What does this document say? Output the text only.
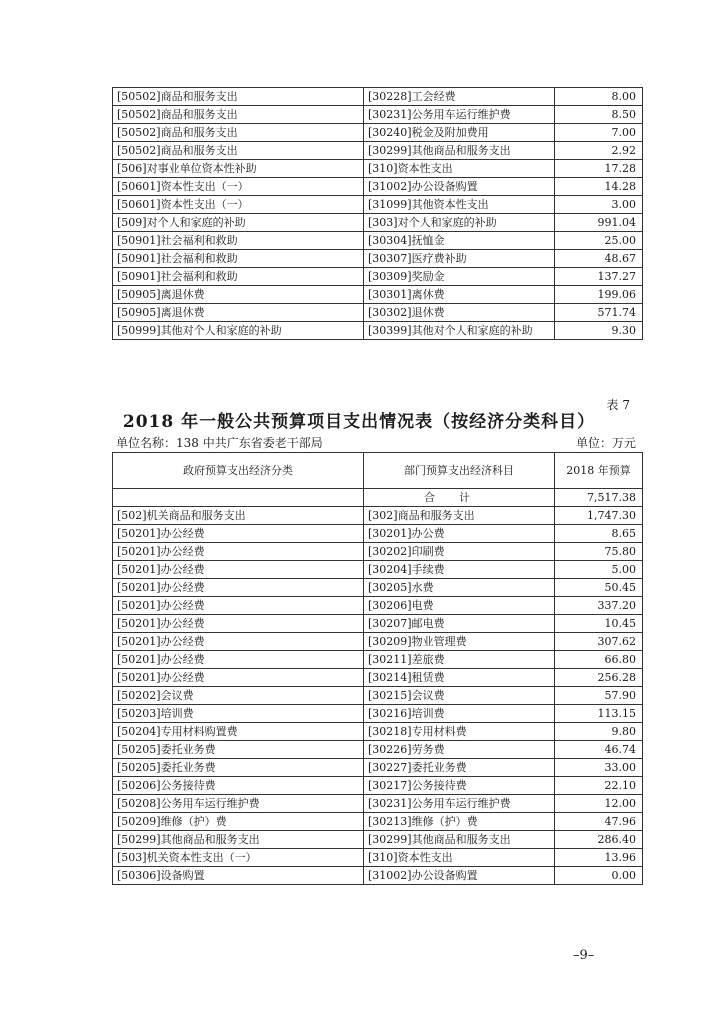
[50502]商品和服务支出	[30228]工会经费	8.00
[50502]商品和服务支出	[30231]公务用车运行维护费	8.50
[50502]商品和服务支出	[30240]税金及附加费用	7.00
[50502]商品和服务支出	[30299]其他商品和服务支出	2.92
[506]对事业单位资本性补助	[310]资本性支出	17.28
[50601]资本性支出（一）	[31002]办公设备购置	14.28
[50601]资本性支出（一）	[31099]其他资本性支出	3.00
[509]对个人和家庭的补助	[303]对个人和家庭的补助	991.04
[50901]社会福利和救助	[30304]抚恤金	25.00
[50901]社会福利和救助	[30307]医疗费补助	48.67
[50901]社会福利和救助	[30309]奖励金	137.27
[50905]离退休费	[30301]离休费	199.06
[50905]离退休费	[30302]退休费	571.74
[50999]其他对个人和家庭的补助	[30399]其他对个人和家庭的补助	9.30
表 7
2018 年一般公共预算项目支出情况表（按经济分类科目）
单位名称：138 中共广东省委老干部局	单位：万元
政府预算支出经济分类	部门预算支出经济科目	2018 年预算
	合计	7,517.38
[502]机关商品和服务支出	[302]商品和服务支出	1,747.30
[50201]办公经费	[30201]办公费	8.65
[50201]办公经费	[30202]印刷费	75.80
[50201]办公经费	[30204]手续费	5.00
[50201]办公经费	[30205]水费	50.45
[50201]办公经费	[30206]电费	337.20
[50201]办公经费	[30207]邮电费	10.45
[50201]办公经费	[30209]物业管理费	307.62
[50201]办公经费	[30211]差旅费	66.80
[50201]办公经费	[30214]租赁费	256.28
[50202]会议费	[30215]会议费	57.90
[50203]培训费	[30216]培训费	113.15
[50204]专用材料购置费	[30218]专用材料费	9.80
[50205]委托业务费	[30226]劳务费	46.74
[50205]委托业务费	[30227]委托业务费	33.00
[50206]公务接待费	[30217]公务接待费	22.10
[50208]公务用车运行维护费	[30231]公务用车运行维护费	12.00
[50209]维修（护）费	[30213]维修（护）费	47.96
[50299]其他商品和服务支出	[30299]其他商品和服务支出	286.40
[503]机关资本性支出（一）	[310]资本性支出	13.96
[50306]设备购置	[31002]办公设备购置	0.00
–9–
